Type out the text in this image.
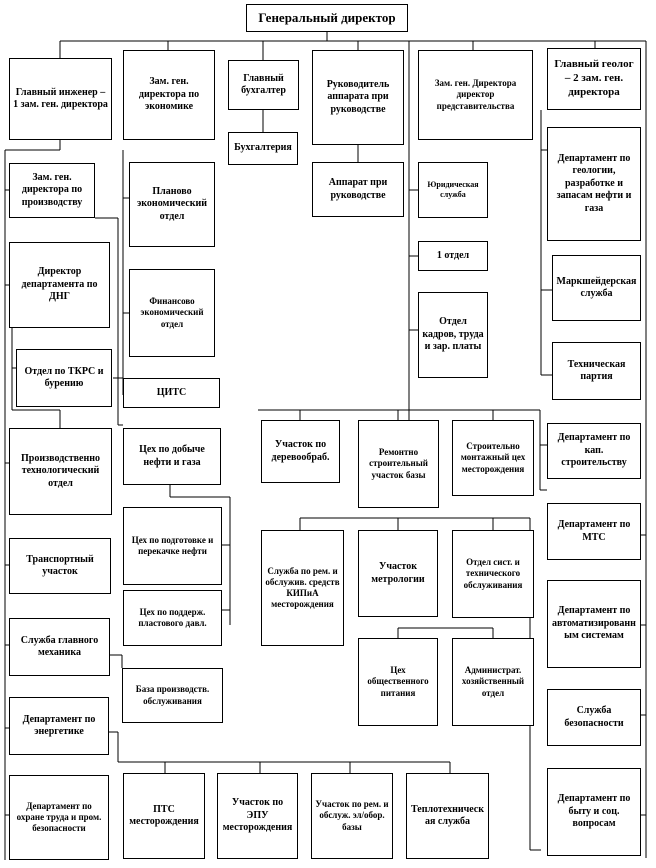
Генеральный директор
Главный инженер – 1 зам. ген. директора
Зам. ген. директора по экономике
Главный бухгалтер
Руководитель аппарата при руководстве
Зам. ген. Директора директор представительства
Главный геолог – 2 зам. ген. директора
Бухгалтерия
Аппарат при руководстве
Юридическая служба
1 отдел
Отдел кадров, труда и зар. платы
Зам. ген. директора по производству
Планово экономический отдел
Директор департамента по ДНГ	Финансово экономический отдел
Отдел по ТКРС и бурению
ЦИТС
Департамент по геологии, разработке и запасам нефти и газа
Маркшейдерская служба
Техническая партия
Производственно технологический отдел
Цех по добыче нефти и газа
Участок по деревообраб.	Ремонтно строительный участок базы
Строительно монтажный цех месторождения
Департамент по кап. строительству
Департамент по МТС
Цех по подготовке и перекачке нефти
Транспортный участок	Служба по рем. и обслужив. средств КИПиА месторождения
Участок метрологии
Отдел сист. и технического обслуживания
Департамент по автоматизированным системам
Цех по поддерж. пластового давл.
Служба главного механика
Цех общественного питания
Администрат. хозяйственный отдел
База производств. обслуживания
Служба безопасности
Департамент по энергетике
Департамент по охране труда и пром. безопасности
ПТС месторождения
Участок по ЭПУ месторождения
Участок по рем. и обслуж. эл/обор. базы
Теплотехническая служба
Департамент по быту и соц. вопросам
